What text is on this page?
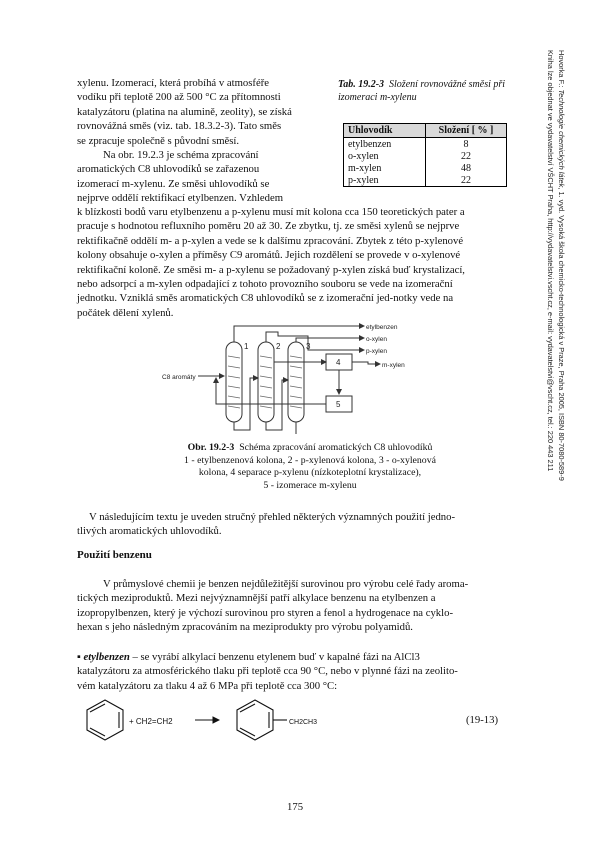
Hovorka F.: Technologie chemických látek, 1. vyd. Vysoká škola chemicko-technologická v Praze, Praha 2005, ISBN 80-7080-589-9
Kniha lze objednat ve vydavatelství VŠCHT Praha, http://vydavatelstvi.vscht.cz, e-mail: vydavatelstvi@vscht.cz, tel.: 220 443 211
xylenu. Izomerací, která probíhá v atmosféře
vodíku při teplotě 200 až 500 °C za přítomnosti
katalyzátoru (platina na alumině, zeolity), se získá
rovnovážná směs (viz. tab. 18.3.2-3). Tato směs
se zpracuje společně s původní směsí.
Na obr. 19.2.3 je schéma zpracování
aromatických C8 uhlovodíků se zařazenou
izomerací m-xylenu. Ze směsi uhlovodíků se
nejprve oddělí rektifikací etylbenzen. Vzhledem
k blízkosti bodů varu etylbenzenu a p-xylenu musí mít kolona cca 150 teoretických pater a
pracuje s hodnotou refluxního poměru 20 až 30. Ze zbytku, tj. ze směsi xylenů se nejprve
rektifikačně oddělí m- a p-xylen a vede se k dalšímu zpracování. Zbytek z této p-xylenové
kolony obsahuje o-xylen a příměsy C9 aromátů. Jejich rozdělení se provede v o-xylenové
rektifikační koloně. Ze směsi m- a p-xylenu se požadovaný p-xylen získá buď krystalizací,
nebo adsorpcí a m-xylen odpadající z tohoto provozního souboru se vede na izomerační
jednotku. Vzniklá směs aromatických C8 uhlovodíků se z izomerační jed-notky vede na
počátek dělení xylenů.
Tab. 19.2-3 Složení rovnovážné směsi při izomeraci m-xylenu
Uhlovodík	Složení [ % ]
etylbenzen	8
o-xylen	22
m-xylen	48
p-xylen	22
C8 aromáty
etylbenzen
o-xylen
p-xylen
m-xylen
1	2	3
4
5
Obr. 19.2-3 Schéma zpracování aromatických C8 uhlovodíků
1 - etylbenzenová kolona, 2 - p-xylenová kolona, 3 - o-xylenová
kolona, 4 separace p-xylenu (nízkoteplotní krystalizace),
5 - izomerace m-xylenu
V následujícím textu je uveden stručný přehled některých významných použití jedno-
tlivých aromatických uhlovodíků.
Použití benzenu
V průmyslové chemii je benzen nejdůležitější surovinou pro výrobu celé řady aroma-
tických meziproduktů. Mezi nejvýznamnější patří alkylace benzenu na etylbenzen a
izopropylbenzen, který je výchozí surovinou pro styren a fenol a hydrogenace na cyklo-
hexan s jeho následným zpracováním na meziprodukty pro výrobu polyamidů.
▪ etylbenzen – se vyrábí alkylací benzenu etylenem buď v kapalné fázi na AlCl3
katalyzátoru za atmosférického tlaku při teplotě cca 90 °C, nebo v plynné fázi na zeolito-
vém katalyzátoru za tlaku 4 až 6 MPa při teplotě cca 300 °C:
+ CH2=CH2	CH2CH3	(19-13)
175
